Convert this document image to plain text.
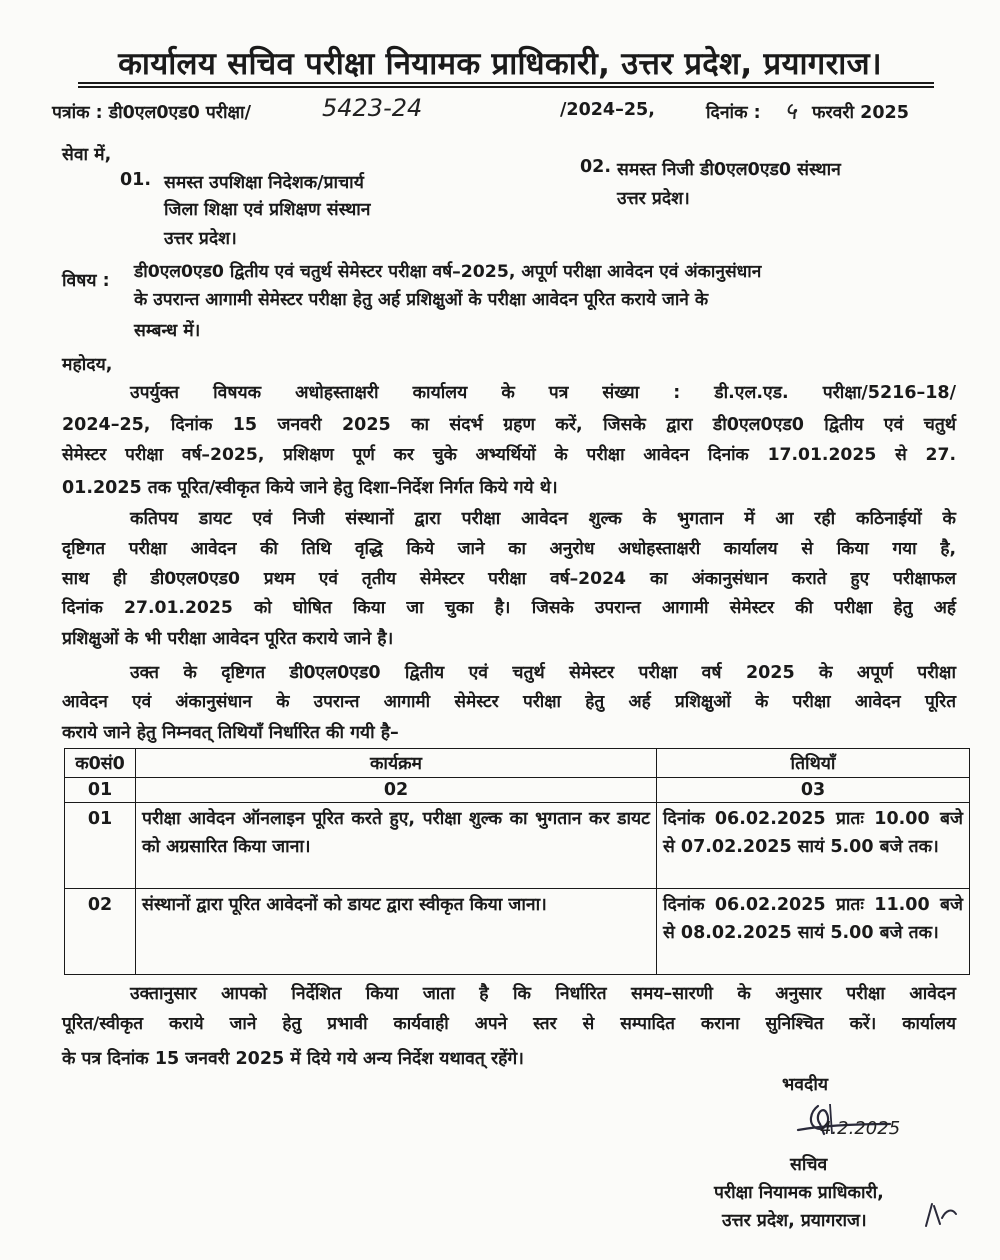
कार्यालय सचिव परीक्षा नियामक प्राधिकारी, उत्तर प्रदेश, प्रयागराज।
पत्रांक : डी0एल0एड0 परीक्षा/	5423-24	/2024–25,	दिनांक : ५ फरवरी 2025
सेवा में,
01. समस्त उपशिक्षा निदेशक/प्राचार्य
जिला शिक्षा एवं प्रशिक्षण संस्थान
उत्तर प्रदेश।
02. समस्त निजी डी0एल0एड0 संस्थान
उत्तर प्रदेश।
विषय : डी0एल0एड0 द्वितीय एवं चतुर्थ सेमेस्टर परीक्षा वर्ष–2025, अपूर्ण परीक्षा आवेदन एवं अंकानुसंधान
के उपरान्त आगामी सेमेस्टर परीक्षा हेतु अर्ह प्रशिक्षुओं के परीक्षा आवेदन पूरित कराये जाने के
सम्बन्ध में।
महोदय,
उपर्युक्त विषयक अधोहस्ताक्षरी कार्यालय के पत्र संख्या : डी.एल.एड. परीक्षा/5216–18/
2024–25, दिनांक 15 जनवरी 2025 का संदर्भ ग्रहण करें, जिसके द्वारा डी0एल0एड0 द्वितीय एवं चतुर्थ
सेमेस्टर परीक्षा वर्ष–2025, प्रशिक्षण पूर्ण कर चुके अभ्यर्थियों के परीक्षा आवेदन दिनांक 17.01.2025 से 27.
01.2025 तक पूरित/स्वीकृत किये जाने हेतु दिशा–निर्देश निर्गत किये गये थे।
कतिपय डायट एवं निजी संस्थानों द्वारा परीक्षा आवेदन शुल्क के भुगतान में आ रही कठिनाईयों के
दृष्टिगत परीक्षा आवेदन की तिथि वृद्धि किये जाने का अनुरोध अधोहस्ताक्षरी कार्यालय से किया गया है,
साथ ही डी0एल0एड0 प्रथम एवं तृतीय सेमेस्टर परीक्षा वर्ष–2024 का अंकानुसंधान कराते हुए परीक्षाफल
दिनांक 27.01.2025 को घोषित किया जा चुका है। जिसके उपरान्त आगामी सेमेस्टर की परीक्षा हेतु अर्ह
प्रशिक्षुओं के भी परीक्षा आवेदन पूरित कराये जाने है।
उक्त के दृष्टिगत डी0एल0एड0 द्वितीय एवं चतुर्थ सेमेस्टर परीक्षा वर्ष 2025 के अपूर्ण परीक्षा
आवेदन एवं अंकानुसंधान के उपरान्त आगामी सेमेस्टर परीक्षा हेतु अर्ह प्रशिक्षुओं के परीक्षा आवेदन पूरित
कराये जाने हेतु निम्नवत् तिथियाँ निर्धारित की गयी है–
क0सं0	कार्यक्रम	तिथियाँ
01	02	03
01	परीक्षा आवेदन ऑनलाइन पूरित करते हुए, परीक्षा शुल्क का भुगतान कर डायट को अग्रसारित किया जाना।	दिनांक 06.02.2025 प्रातः 10.00 बजे से 07.02.2025 सायं 5.00 बजे तक।
02	संस्थानों द्वारा पूरित आवेदनों को डायट द्वारा स्वीकृत किया जाना।	दिनांक 06.02.2025 प्रातः 11.00 बजे से 08.02.2025 सायं 5.00 बजे तक।
उक्तानुसार आपको निर्देशित किया जाता है कि निर्धारित समय–सारणी के अनुसार परीक्षा आवेदन
पूरित/स्वीकृत कराये जाने हेतु प्रभावी कार्यवाही अपने स्तर से सम्पादित कराना सुनिश्चित करें। कार्यालय
के पत्र दिनांक 15 जनवरी 2025 में दिये गये अन्य निर्देश यथावत् रहेंगे।
भवदीय
4.2.2025
सचिव
परीक्षा नियामक प्राधिकारी,
उत्तर प्रदेश, प्रयागराज।
